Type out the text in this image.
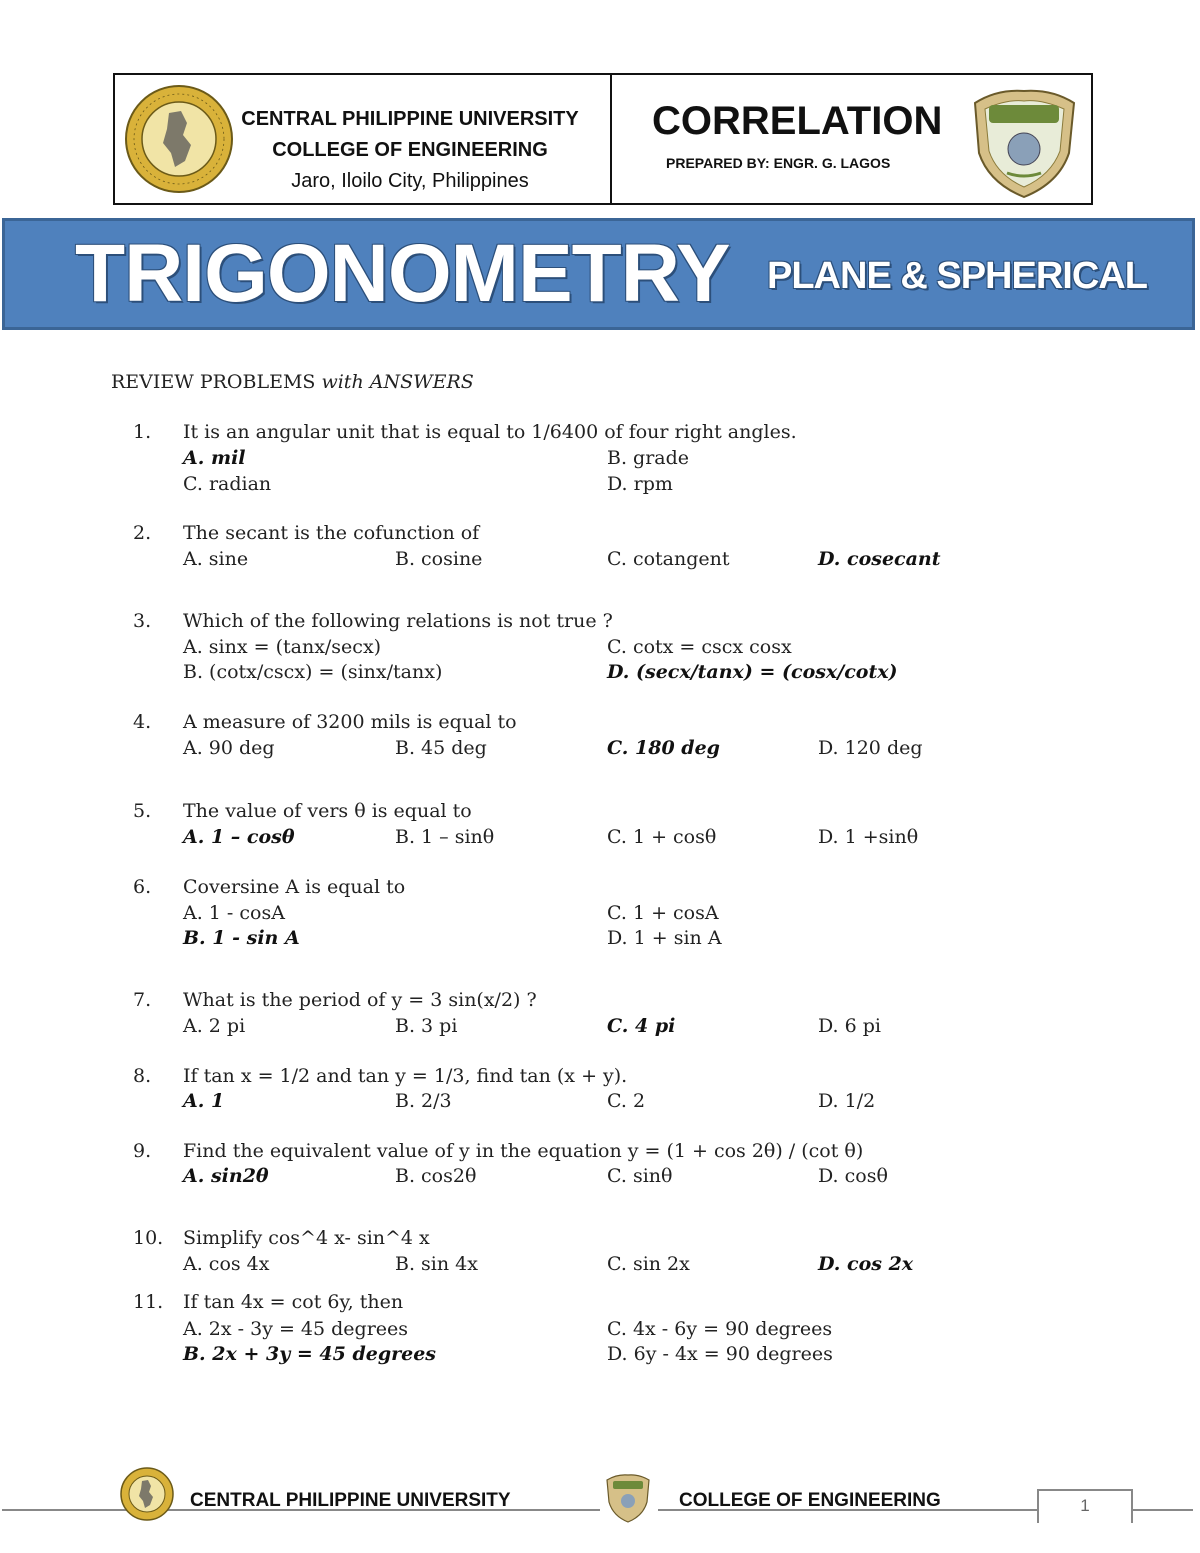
CENTRAL PHILIPPINE UNIVERSITY
COLLEGE OF ENGINEERING
Jaro, Iloilo City, Philippines
CORRELATION
PREPARED BY: ENGR. G. LAGOS
TRIGONOMETRY PLANE & SPHERICAL
REVIEW PROBLEMS with ANSWERS
1. It is an angular unit that is equal to 1/6400 of four right angles.
A. mil	B. grade
C. radian	D. rpm
2. The secant is the cofunction of
A. sine	B. cosine	C. cotangent	D. cosecant
3. Which of the following relations is not true ?
A. sinx = (tanx/secx)	C. cotx = cscx cosx
B. (cotx/cscx) = (sinx/tanx)	D. (secx/tanx) = (cosx/cotx)
4. A measure of 3200 mils is equal to
A. 90 deg	B. 45 deg	C. 180 deg	D. 120 deg
5. The value of vers θ is equal to
A. 1 – cosθ	B. 1 – sinθ	C. 1 + cosθ	D. 1 +sinθ
6. Coversine A is equal to
A. 1 - cosA	C. 1 + cosA
B. 1 - sin A	D. 1 + sin A
7. What is the period of y = 3 sin(x/2) ?
A. 2 pi	B. 3 pi	C. 4 pi	D. 6 pi
8. If tan x = 1/2 and tan y = 1/3, find tan (x + y).
A. 1	B. 2/3	C. 2	D. 1/2
9. Find the equivalent value of y in the equation y = (1 + cos 2θ) / (cot θ)
A. sin2θ	B. cos2θ	C. sinθ	D. cosθ
10. Simplify cos^4 x- sin^4 x
A. cos 4x	B. sin 4x	C. sin 2x	D. cos 2x
11. If tan 4x = cot 6y, then
A. 2x - 3y = 45 degrees	C. 4x - 6y = 90 degrees
B. 2x + 3y = 45 degrees	D. 6y - 4x = 90 degrees
CENTRAL PHILIPPINE UNIVERSITY	COLLEGE OF ENGINEERING	1
